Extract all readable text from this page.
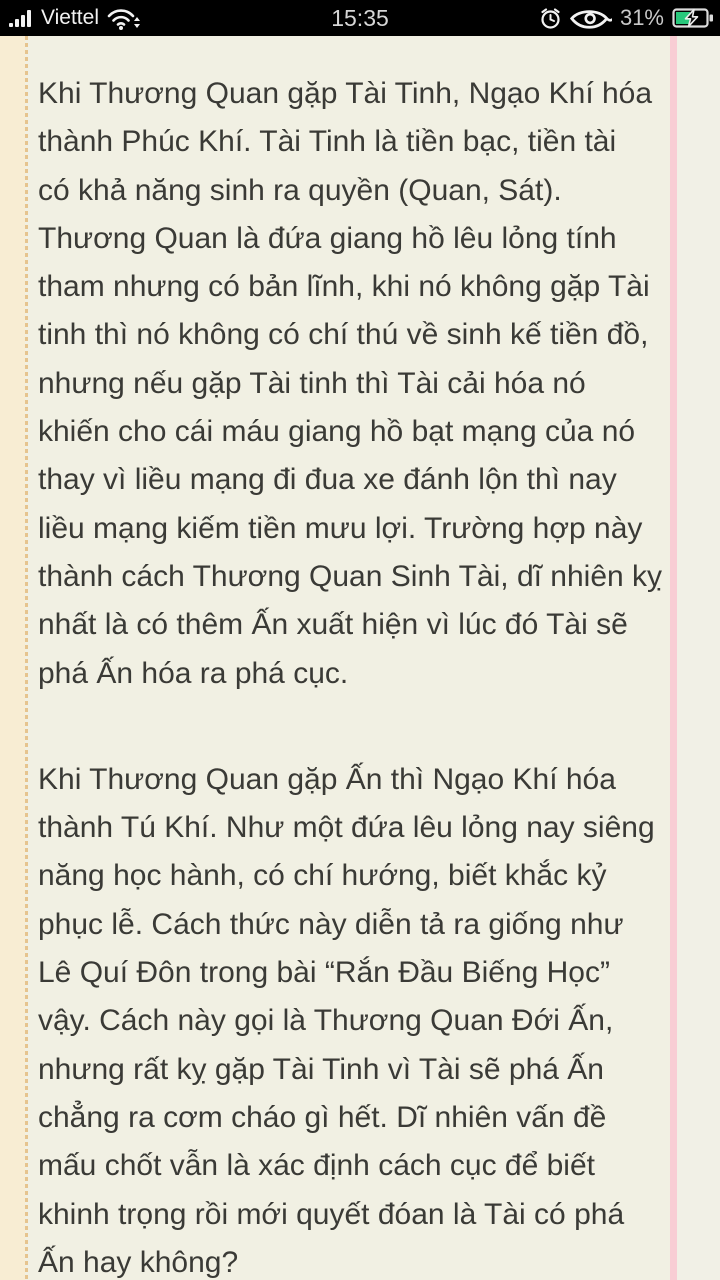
Viettel	15:35	31%
Khi Thương Quan gặp Tài Tinh, Ngạo Khí hóa
thành Phúc Khí. Tài Tinh là tiền bạc, tiền tài
có khả năng sinh ra quyền (Quan, Sát).
Thương Quan là đứa giang hồ lêu lỏng tính
tham nhưng có bản lĩnh, khi nó không gặp Tài
tinh thì nó không có chí thú về sinh kế tiền đồ,
nhưng nếu gặp Tài tinh thì Tài cải hóa nó
khiến cho cái máu giang hồ bạt mạng của nó
thay vì liều mạng đi đua xe đánh lộn thì nay
liều mạng kiếm tiền mưu lợi. Trường hợp này
thành cách Thương Quan Sinh Tài, dĩ nhiên kỵ
nhất là có thêm Ấn xuất hiện vì lúc đó Tài sẽ
phá Ấn hóa ra phá cục.
Khi Thương Quan gặp Ấn thì Ngạo Khí hóa
thành Tú Khí. Như một đứa lêu lỏng nay siêng
năng học hành, có chí hướng, biết khắc kỷ
phục lễ. Cách thức này diễn tả ra giống như
Lê Quí Đôn trong bài “Rắn Đầu Biếng Học”
vậy. Cách này gọi là Thương Quan Đới Ấn,
nhưng rất kỵ gặp Tài Tinh vì Tài sẽ phá Ấn
chẳng ra cơm cháo gì hết. Dĩ nhiên vấn đề
mấu chốt vẫn là xác định cách cục để biết
khinh trọng rồi mới quyết đóan là Tài có phá
Ấn hay không?
